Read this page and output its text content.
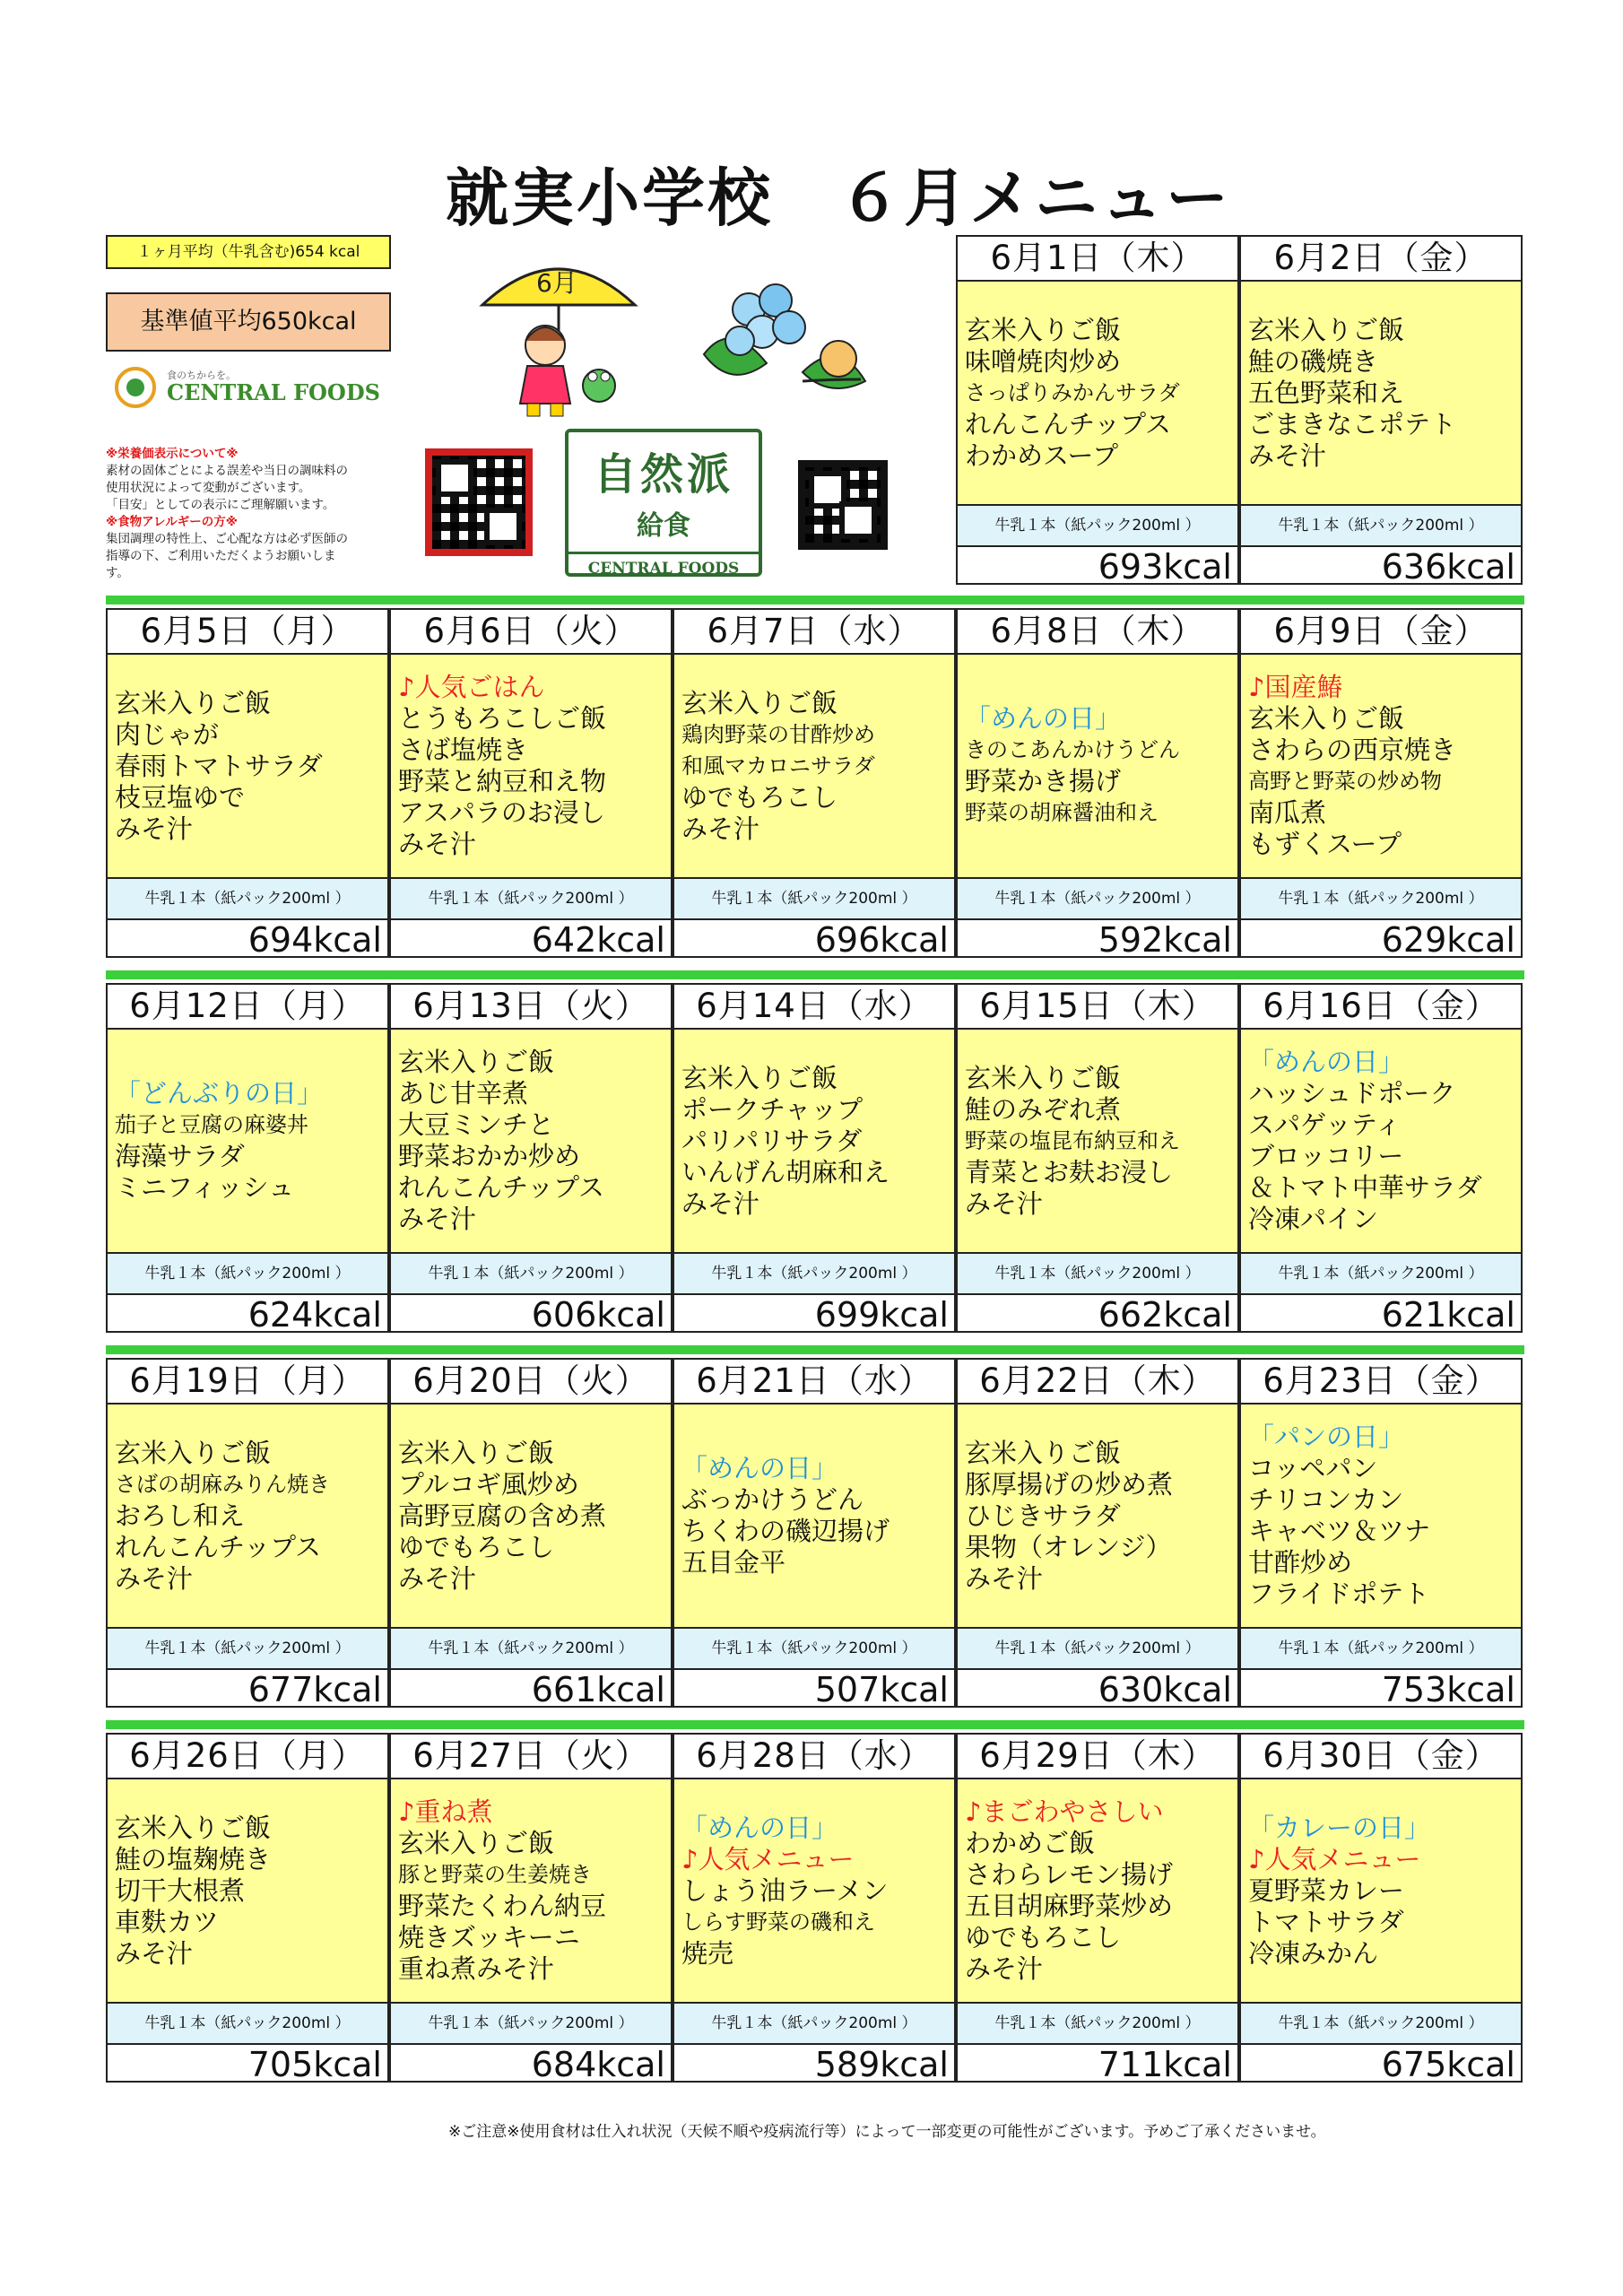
就実小学校　６月メニュー
１ヶ月平均（牛乳含む)654 kcal
基準値平均650kcal
食のちからを。
CENTRAL FOODS
※栄養価表示について※
素材の固体ごとによる誤差や当日の調味料の
使用状況によって変動がございます。
「目安」としての表示にご理解願います。
※食物アレルギーの方※
集団調理の特性上、ご心配な方は必ず医師の
指導の下、ご利用いただくようお願いしま
す。
6月
自然派
給食
CENTRAL FOODS
6月1日（木）
玄米入りご飯
味噌焼肉炒め
さっぱりみかんサラダ
れんこんチップス
わかめスープ
牛乳１本（紙パック200ml ）
693kcal
6月2日（金）
玄米入りご飯
鮭の磯焼き
五色野菜和え
ごまきなこポテト
みそ汁
牛乳１本（紙パック200ml ）
636kcal
6月5日（月）
玄米入りご飯
肉じゃが
春雨トマトサラダ
枝豆塩ゆで
みそ汁
牛乳１本（紙パック200ml ）
694kcal
6月6日（火）
♪人気ごはん
とうもろこしご飯
さば塩焼き
野菜と納豆和え物
アスパラのお浸し
みそ汁
牛乳１本（紙パック200ml ）
642kcal
6月7日（水）
玄米入りご飯
鶏肉野菜の甘酢炒め
和風マカロニサラダ
ゆでもろこし
みそ汁
牛乳１本（紙パック200ml ）
696kcal
6月8日（木）
「めんの日」
きのこあんかけうどん
野菜かき揚げ
野菜の胡麻醤油和え
牛乳１本（紙パック200ml ）
592kcal
6月9日（金）
♪国産鰆
玄米入りご飯
さわらの西京焼き
高野と野菜の炒め物
南瓜煮
もずくスープ
牛乳１本（紙パック200ml ）
629kcal
6月12日（月）
「どんぶりの日」
茄子と豆腐の麻婆丼
海藻サラダ
ミニフィッシュ
牛乳１本（紙パック200ml ）
624kcal
6月13日（火）
玄米入りご飯
あじ甘辛煮
大豆ミンチと
野菜おかか炒め
れんこんチップス
みそ汁
牛乳１本（紙パック200ml ）
606kcal
6月14日（水）
玄米入りご飯
ポークチャップ
パリパリサラダ
いんげん胡麻和え
みそ汁
牛乳１本（紙パック200ml ）
699kcal
6月15日（木）
玄米入りご飯
鮭のみぞれ煮
野菜の塩昆布納豆和え
青菜とお麸お浸し
みそ汁
牛乳１本（紙パック200ml ）
662kcal
6月16日（金）
「めんの日」
ハッシュドポーク
スパゲッティ
ブロッコリー
＆トマト中華サラダ
冷凍パイン
牛乳１本（紙パック200ml ）
621kcal
6月19日（月）
玄米入りご飯
さばの胡麻みりん焼き
おろし和え
れんこんチップス
みそ汁
牛乳１本（紙パック200ml ）
677kcal
6月20日（火）
玄米入りご飯
プルコギ風炒め
高野豆腐の含め煮
ゆでもろこし
みそ汁
牛乳１本（紙パック200ml ）
661kcal
6月21日（水）
「めんの日」
ぶっかけうどん
ちくわの磯辺揚げ
五目金平
牛乳１本（紙パック200ml ）
507kcal
6月22日（木）
玄米入りご飯
豚厚揚げの炒め煮
ひじきサラダ
果物（オレンジ）
みそ汁
牛乳１本（紙パック200ml ）
630kcal
6月23日（金）
「パンの日」
コッペパン
チリコンカン
キャベツ＆ツナ
甘酢炒め
フライドポテト
牛乳１本（紙パック200ml ）
753kcal
6月26日（月）
玄米入りご飯
鮭の塩麹焼き
切干大根煮
車麩カツ
みそ汁
牛乳１本（紙パック200ml ）
705kcal
6月27日（火）
♪重ね煮
玄米入りご飯
豚と野菜の生姜焼き
野菜たくわん納豆
焼きズッキーニ
重ね煮みそ汁
牛乳１本（紙パック200ml ）
684kcal
6月28日（水）
「めんの日」
♪人気メニュー
しょう油ラーメン
しらす野菜の磯和え
焼売
牛乳１本（紙パック200ml ）
589kcal
6月29日（木）
♪まごわやさしい
わかめご飯
さわらレモン揚げ
五目胡麻野菜炒め
ゆでもろこし
みそ汁
牛乳１本（紙パック200ml ）
711kcal
6月30日（金）
「カレーの日」
♪人気メニュー
夏野菜カレー
トマトサラダ
冷凍みかん
牛乳１本（紙パック200ml ）
675kcal
※ご注意※使用食材は仕入れ状況（天候不順や疫病流行等）によって一部変更の可能性がございます。予めご了承くださいませ。
